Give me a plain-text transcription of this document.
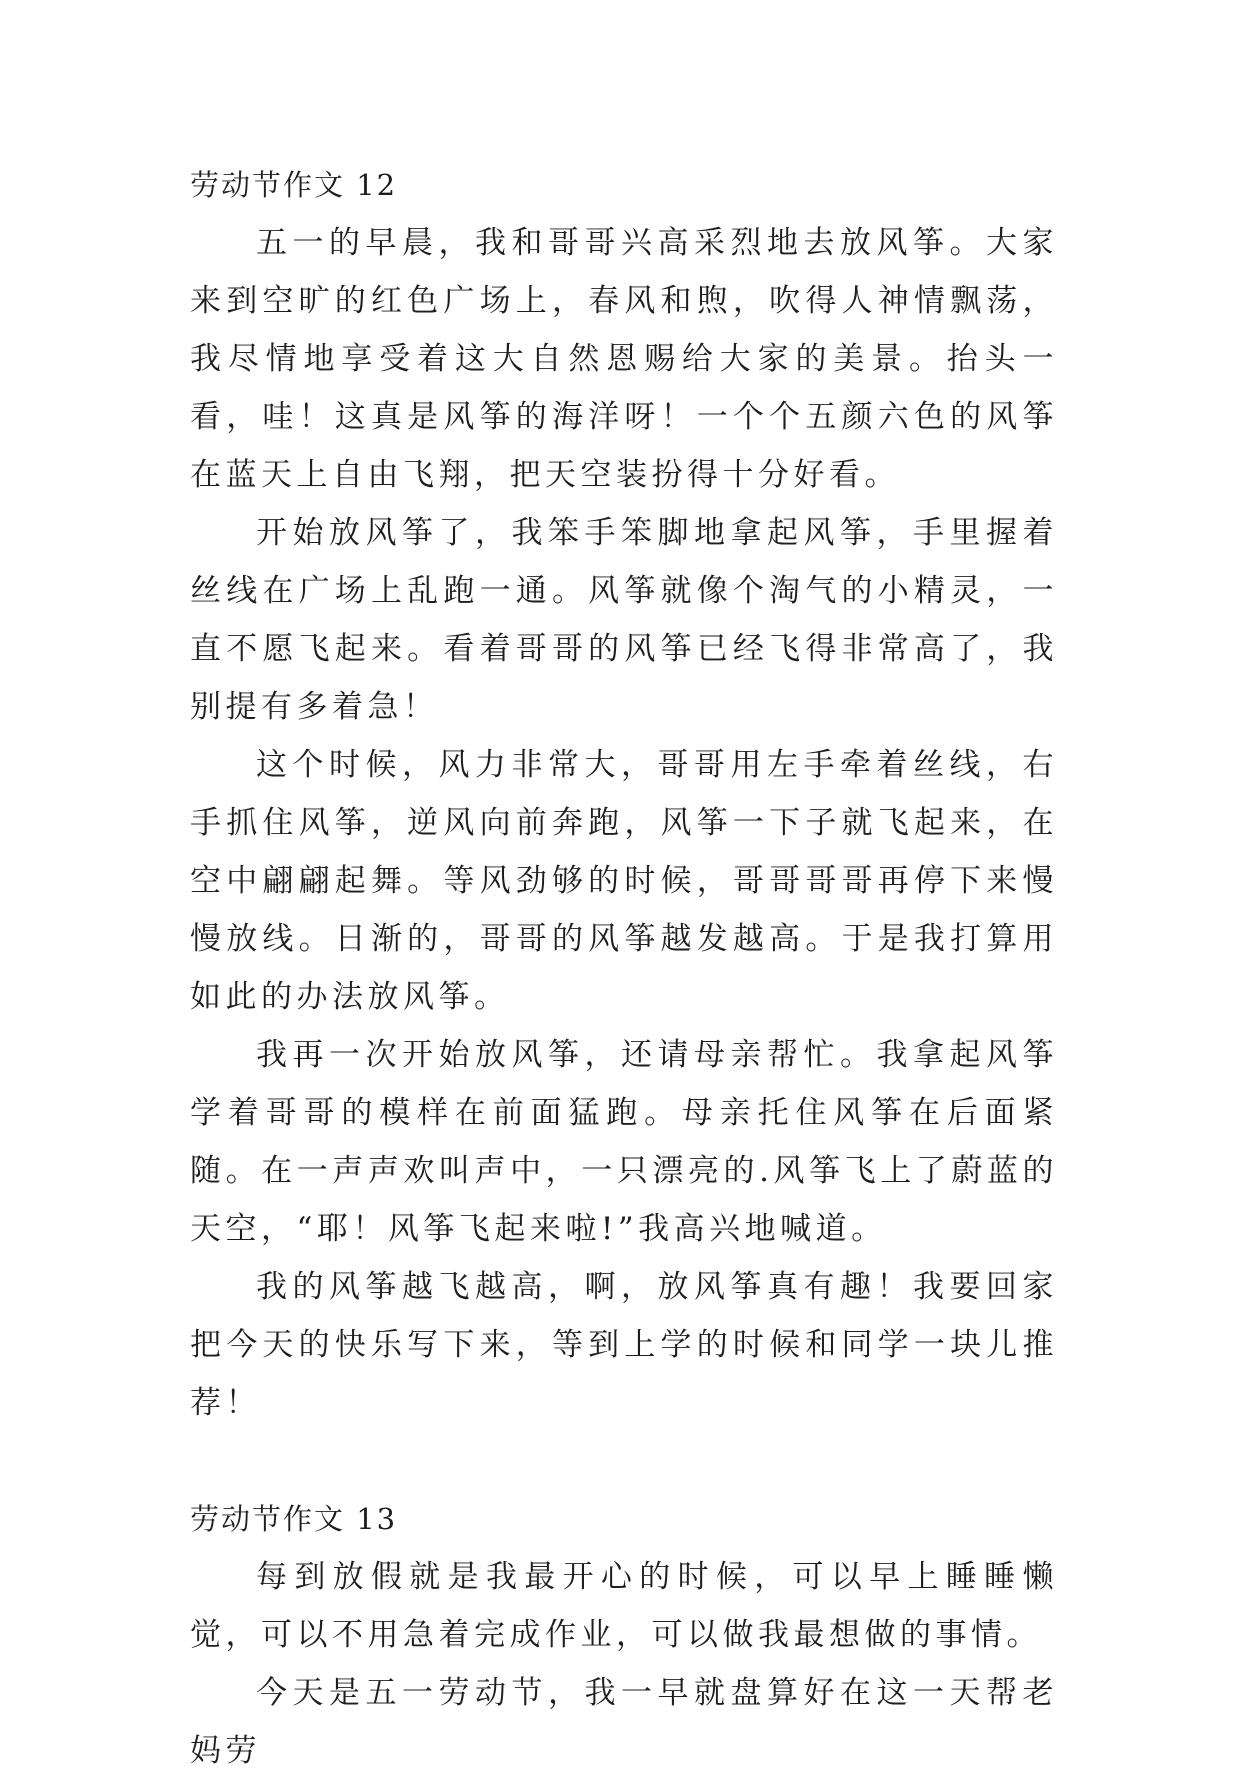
劳动节作文 12

五一的早晨，我和哥哥兴高采烈地去放风筝。大家来到空旷的红色广场上，春风和煦，吹得人神情飘荡，我尽情地享受着这大自然恩赐给大家的美景。抬头一看，哇！这真是风筝的海洋呀！一个个五颜六色的风筝在蓝天上自由飞翔，把天空装扮得十分好看。

开始放风筝了，我笨手笨脚地拿起风筝，手里握着丝线在广场上乱跑一通。风筝就像个淘气的小精灵，一直不愿飞起来。看着哥哥的风筝已经飞得非常高了，我别提有多着急！

这个时候，风力非常大，哥哥用左手牵着丝线，右手抓住风筝，逆风向前奔跑，风筝一下子就飞起来，在空中翩翩起舞。等风劲够的时候，哥哥哥哥再停下来慢慢放线。日渐的，哥哥的风筝越发越高。于是我打算用如此的办法放风筝。

我再一次开始放风筝，还请母亲帮忙。我拿起风筝学着哥哥的模样在前面猛跑。母亲托住风筝在后面紧随。在一声声欢叫声中，一只漂亮的.风筝飞上了蔚蓝的天空，“耶！风筝飞起来啦!”我高兴地喊道。

我的风筝越飞越高，啊，放风筝真有趣！我要回家把今天的快乐写下来，等到上学的时候和同学一块儿推荐！

劳动节作文 13

每到放假就是我最开心的时候，可以早上睡睡懒觉，可以不用急着完成作业，可以做我最想做的事情。

今天是五一劳动节，我一早就盘算好在这一天帮老妈劳
